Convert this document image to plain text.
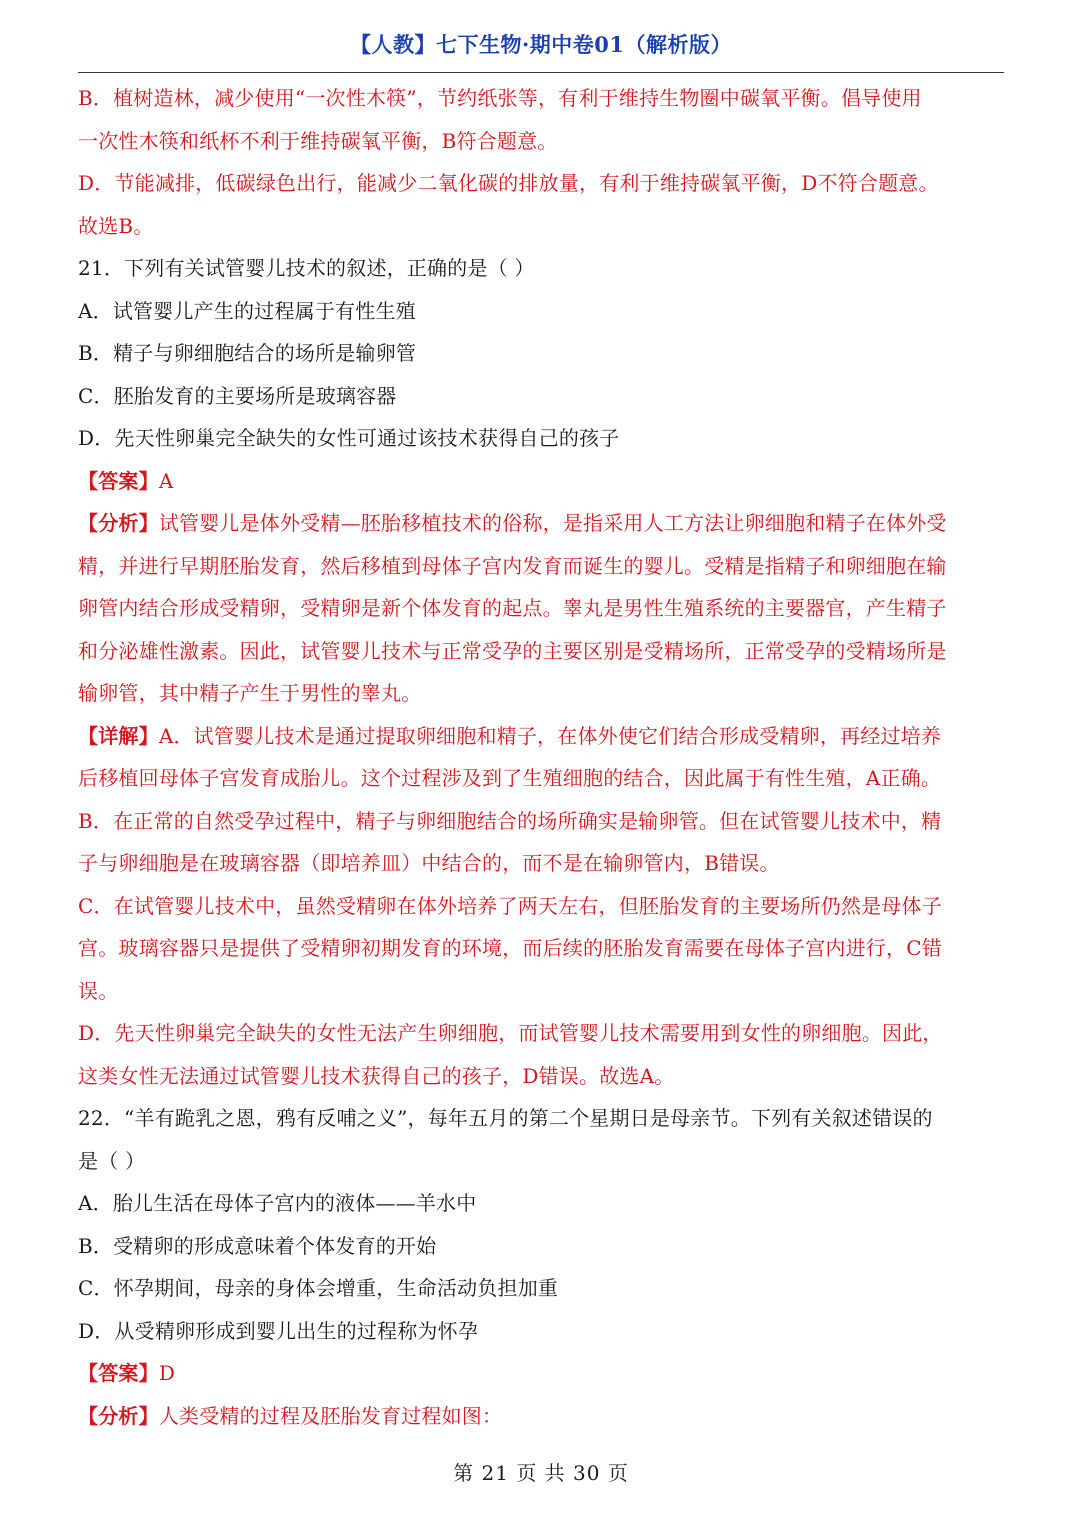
【人教】七下生物·期中卷01（解析版）
B．植树造林，减少使用“一次性木筷”，节约纸张等，有利于维持生物圈中碳氧平衡。倡导使用
一次性木筷和纸杯不利于维持碳氧平衡，B符合题意。
D．节能减排，低碳绿色出行，能减少二氧化碳的排放量，有利于维持碳氧平衡，D不符合题意。
故选B。
21．下列有关试管婴儿技术的叙述，正确的是（ ）
A．试管婴儿产生的过程属于有性生殖
B．精子与卵细胞结合的场所是输卵管
C．胚胎发育的主要场所是玻璃容器
D．先天性卵巢完全缺失的女性可通过该技术获得自己的孩子
【答案】A
【分析】试管婴儿是体外受精—胚胎移植技术的俗称，是指采用人工方法让卵细胞和精子在体外受
精，并进行早期胚胎发育，然后移植到母体子宫内发育而诞生的婴儿。受精是指精子和卵细胞在输
卵管内结合形成受精卵，受精卵是新个体发育的起点。睾丸是男性生殖系统的主要器官，产生精子
和分泌雄性激素。因此，试管婴儿技术与正常受孕的主要区别是受精场所，正常受孕的受精场所是
输卵管，其中精子产生于男性的睾丸。
【详解】A．试管婴儿技术是通过提取卵细胞和精子，在体外使它们结合形成受精卵，再经过培养
后移植回母体子宫发育成胎儿。这个过程涉及到了生殖细胞的结合，因此属于有性生殖，A正确。
B．在正常的自然受孕过程中，精子与卵细胞结合的场所确实是输卵管。但在试管婴儿技术中，精
子与卵细胞是在玻璃容器（即培养皿）中结合的，而不是在输卵管内，B错误。
C．在试管婴儿技术中，虽然受精卵在体外培养了两天左右，但胚胎发育的主要场所仍然是母体子
宫。玻璃容器只是提供了受精卵初期发育的环境，而后续的胚胎发育需要在母体子宫内进行，C错
误。
D．先天性卵巢完全缺失的女性无法产生卵细胞，而试管婴儿技术需要用到女性的卵细胞。因此，
这类女性无法通过试管婴儿技术获得自己的孩子，D错误。故选A。
22．“羊有跪乳之恩，鸦有反哺之义”，每年五月的第二个星期日是母亲节。下列有关叙述错误的
是（ ）
A．胎儿生活在母体子宫内的液体——羊水中
B．受精卵的形成意味着个体发育的开始
C．怀孕期间，母亲的身体会增重，生命活动负担加重
D．从受精卵形成到婴儿出生的过程称为怀孕
【答案】D
【分析】人类受精的过程及胚胎发育过程如图：
第 21 页 共 30 页
